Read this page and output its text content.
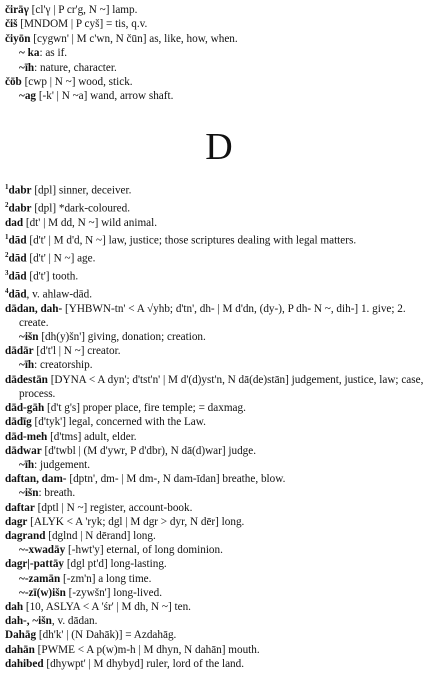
čirāγ [cl'γ | P cr'g, N ~] lamp.
čiš [MNDOM | P cyš] = tis, q.v.
čiyōn [cygwn' | M c'wn, N čūn] as, like, how, when.
~ ka: as if.
~īh: nature, character.
čōb [cwp | N ~] wood, stick.
~ag [-k' | N ~a] wand, arrow shaft.
D
$^1$dabr [dpl] sinner, deceiver.
$^2$dabr [dpl] *dark-coloured.
dad [dt' | M dd, N ~] wild animal.
$^1$dād [d't' | M d'd, N ~] law, justice; those scriptures dealing with legal matters.
$^2$dād [d't' | N ~] age.
$^3$dād [d't'] tooth.
$^4$dād, v. ahlaw-dād.
dādan, dah- [YHBWN-tn' < A √yhb; d'tn', dh- | M d'dn, (dy-), P dh- N ~, dih-] 1. give; 2. create.
~išn [dh(y)šn'] giving, donation; creation.
dādār [d't'l | N ~] creator.
~īh: creatorship.
dādestān [DYNA < A dyn'; d'tst'n' | M d'(d)yst'n, N dā(de)stān] judgement, justice, law; case, process.
dād-gāh [d't g's] proper place, fire temple; = daxmag.
dādīg [d'tyk'] legal, concerned with the Law.
dād-meh [d'tms] adult, elder.
dādwar [d'twbl | (M d'ywr, P d'dbr), N dā(d)war] judge.
~īh: judgement.
daftan, dam- [dptn', dm- | M dm-, N dam-īdan] breathe, blow.
~išn: breath.
daftar [dptl | N ~] register, account-book.
dagr [ALYK < A 'ryk; dgl | M dgr > dyr, N dēr] long.
dagrand [dglnd | N dērand] long.
~-xwadāy [-hwt'y] eternal, of long dominion.
dagr|-pattāy [dgl pt'd] long-lasting.
~-zamān [-zm'n] a long time.
~-zī(w)išn [-zywšn'] long-lived.
dah [10, ASLYA < A 'śr' | M dh, N ~] ten.
dah-, ~išn, v. dādan.
Dahāg [dh'k' | (N Dahāk)] = Azdahāg.
dahān [PWME < A p(w)m-h | M dhyn, N dahān] mouth.
dahibed [dhywpt' | M dhybyd] ruler, lord of the land.
